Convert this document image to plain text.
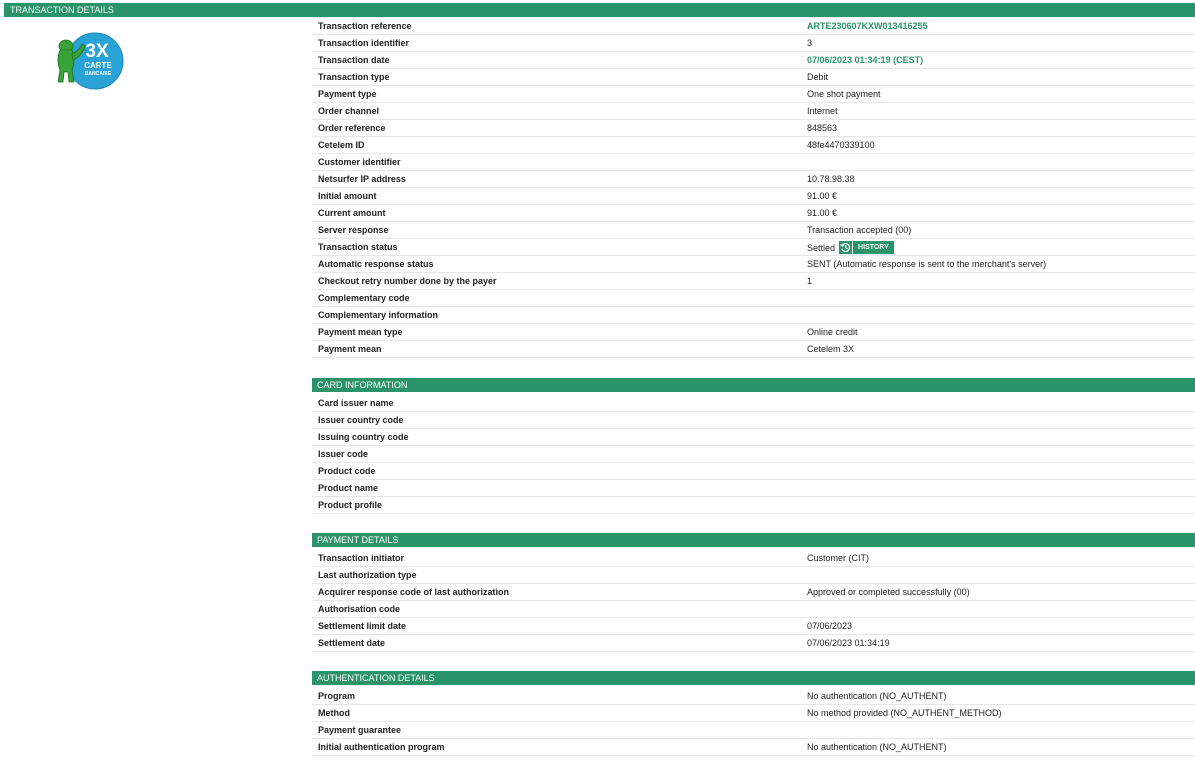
TRANSACTION DETAILS
3X
CARTE
BANCAIRE
Transaction reference	ARTE230607KXW013416255
Transaction identifier	3
Transaction date	07/06/2023 01:34:19 (CEST)
Transaction type	Debit
Payment type	One shot payment
Order channel	Internet
Order reference	848563
Cetelem ID	48fe4470339100
Customer identifier
Netsurfer IP address	10.78.98.38
Initial amount	91.00 €
Current amount	91.00 €
Server response	Transaction accepted (00)
Transaction status	Settled	HISTORY
Automatic response status	SENT (Automatic response is sent to the merchant's server)
Checkout retry number done by the payer	1
Complementary code
Complementary information
Payment mean type	Online credit
Payment mean	Cetelem 3X
CARD INFORMATION
Card issuer name
Issuer country code
Issuing country code
Issuer code
Product code
Product name
Product profile
PAYMENT DETAILS
Transaction initiator	Customer (CIT)
Last authorization type
Acquirer response code of last authorization	Approved or completed successfully (00)
Authorisation code
Settlement limit date	07/06/2023
Settlement date	07/06/2023 01:34:19
AUTHENTICATION DETAILS
Program	No authentication (NO_AUTHENT)
Method	No method provided (NO_AUTHENT_METHOD)
Payment guarantee
Initial authentication program	No authentication (NO_AUTHENT)
